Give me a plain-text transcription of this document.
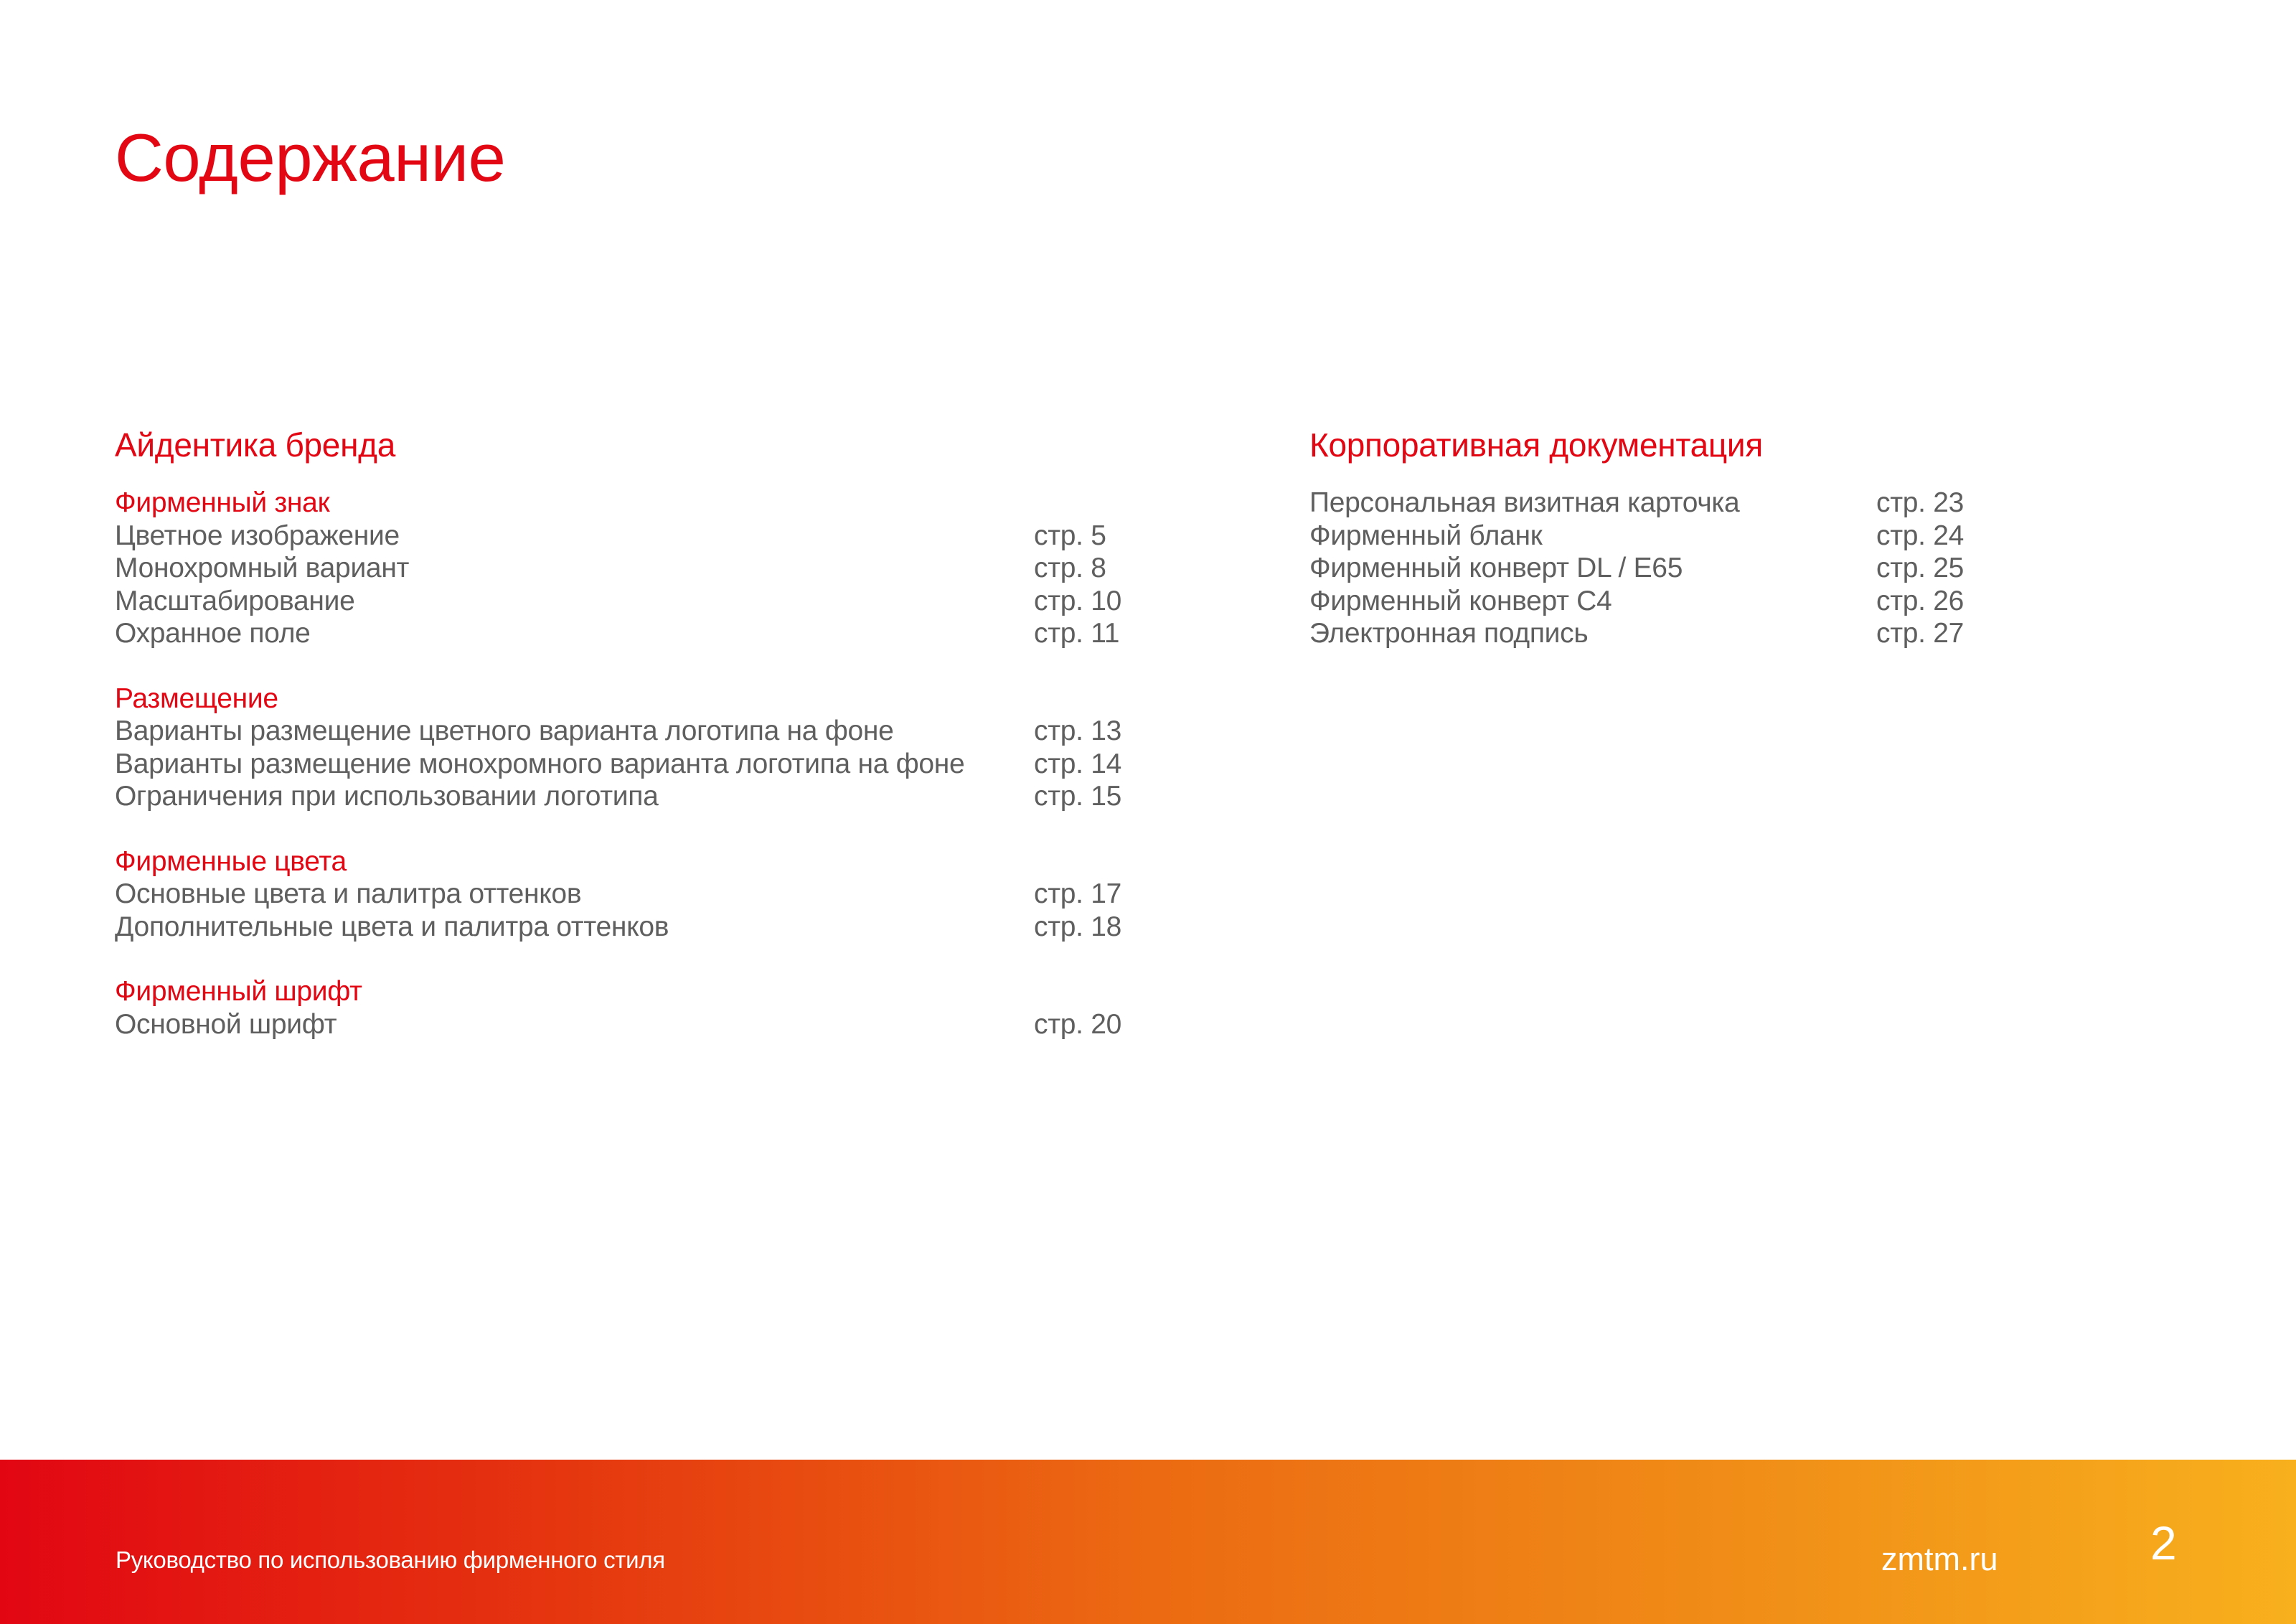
Содержание
Айдентика бренда
Фирменный знак
Цветное изображение	стр. 5
Монохромный вариант	стр. 8
Масштабирование	стр. 10
Охранное поле	стр. 11
Размещение
Варианты размещение цветного варианта логотипа на фоне	стр. 13
Варианты размещение монохромного варианта логотипа на фоне стр. 14
Ограничения при использовании логотипа	стр. 15
Фирменные цвета
Основные цвета и палитра оттенков	стр. 17
Дополнительные цвета и палитра оттенков	стр. 18
Фирменный шрифт
Основной шрифт	стр. 20
Корпоративная документация
Персональная визитная карточка	стр. 23
Фирменный бланк	стр. 24
Фирменный конверт DL / E65	стр. 25
Фирменный конверт C4	стр. 26
Электронная подпись	стр. 27
Руководство по использованию фирменного стиля	zmtm.ru	2
